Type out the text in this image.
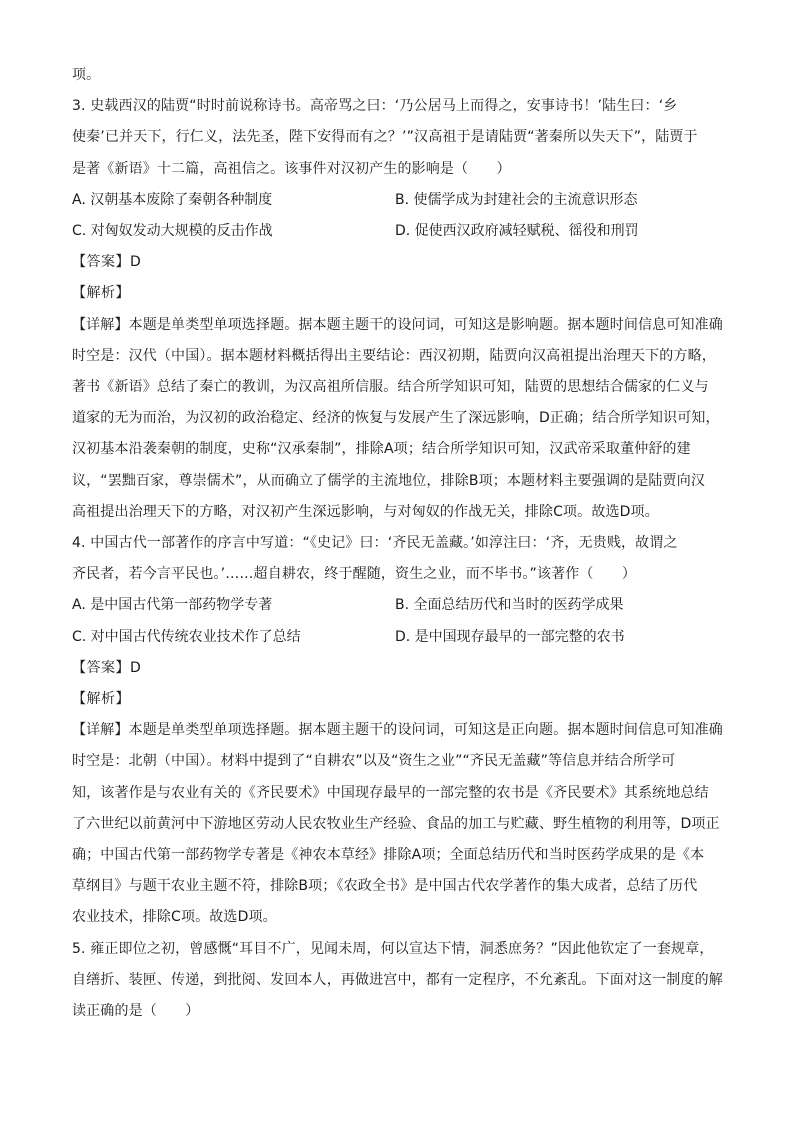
项。

3. 史载西汉的陆贾“时时前说称诗书。高帝骂之曰：‘乃公居马上而得之，安事诗书！’陆生曰：‘乡

使秦’已并天下，行仁义，法先圣，陛下安得而有之？’”汉高祖于是请陆贾“著秦所以失天下”，陆贾于

是著《新语》十二篇，高祖信之。该事件对汉初产生的影响是（　　）

A. 汉朝基本废除了秦朝各种制度	B. 使儒学成为封建社会的主流意识形态
C. 对匈奴发动大规模的反击作战	D. 促使西汉政府减轻赋税、徭役和刑罚

【答案】D

【解析】

【详解】本题是单类型单项选择题。据本题主题干的设问词，可知这是影响题。据本题时间信息可知准确

时空是：汉代（中国）。据本题材料概括得出主要结论：西汉初期，陆贾向汉高祖提出治理天下的方略，

著书《新语》总结了秦亡的教训，为汉高祖所信服。结合所学知识可知，陆贾的思想结合儒家的仁义与

道家的无为而治，为汉初的政治稳定、经济的恢复与发展产生了深远影响，D正确；结合所学知识可知，

汉初基本沿袭秦朝的制度，史称“汉承秦制”，排除A项；结合所学知识可知，汉武帝采取董仲舒的建

议，“罢黜百家，尊崇儒术”，从而确立了儒学的主流地位，排除B项；本题材料主要强调的是陆贾向汉

高祖提出治理天下的方略，对汉初产生深远影响，与对匈奴的作战无关，排除C项。故选D项。

4. 中国古代一部著作的序言中写道：“《史记》曰：‘齐民无盖藏。’如淳注曰：‘齐，无贵贱，故谓之

齐民者，若今言平民也。’……超自耕农，终于醒随，资生之业，而不毕书。”该著作（　　）

A. 是中国古代第一部药物学专著	B. 全面总结历代和当时的医药学成果
C. 对中国古代传统农业技术作了总结	D. 是中国现存最早的一部完整的农书

【答案】D

【解析】

【详解】本题是单类型单项选择题。据本题主题干的设问词，可知这是正向题。据本题时间信息可知准确

时空是：北朝（中国）。材料中提到了“自耕农”以及“资生之业”“齐民无盖藏”等信息并结合所学可

知，该著作是与农业有关的《齐民要术》中国现存最早的一部完整的农书是《齐民要术》其系统地总结

了六世纪以前黄河中下游地区劳动人民农牧业生产经验、食品的加工与贮藏、野生植物的利用等，D项正

确；中国古代第一部药物学专著是《神农本草经》排除A项；全面总结历代和当时医药学成果的是《本

草纲目》与题干农业主题不符，排除B项；《农政全书》是中国古代农学著作的集大成者，总结了历代

农业技术，排除C项。故选D项。

5. 雍正即位之初，曾感慨“耳目不广，见闻未周，何以宣达下情，洞悉庶务？”因此他钦定了一套规章，

自缮折、装匣、传递，到批阅、发回本人，再做进宫中，都有一定程序，不允紊乱。下面对这一制度的解

读正确的是（　　）
